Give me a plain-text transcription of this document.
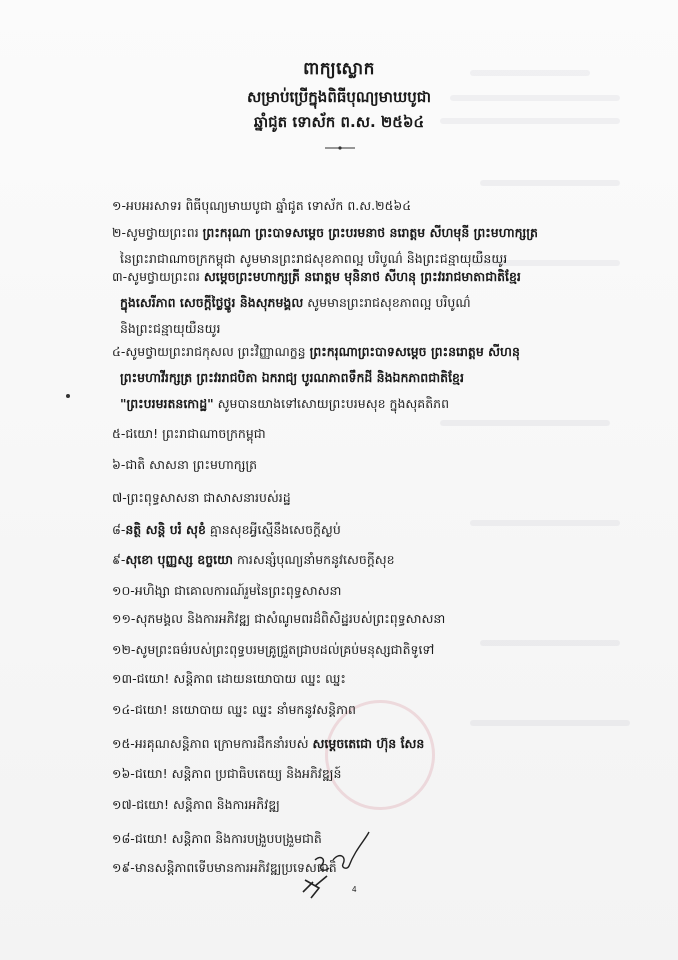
ពាក្យស្លោក
សម្រាប់ប្រើក្នុងពិធីបុណ្យមាឃបូជា
ឆ្នាំជូត ទោស័ក ព.ស. ២៥៦៤
១-អបអរសាទរ ពិធីបុណ្យមាឃបូជា ឆ្នាំជូត ទោស័ក ព.ស.២៥៦៤
២-សូមថ្វាយព្រះពរ ព្រះករុណា ព្រះបាទសម្តេច ព្រះបរមនាថ នរោត្តម សីហមុនី ព្រះមហាក្សត្រ
នៃព្រះរាជាណាចក្រកម្ពុជា សូមមានព្រះរាជសុខភាពល្អ បរិបូណ៌ និងព្រះជន្មាយុយឺនយូរ
៣-សូមថ្វាយព្រះពរ សម្តេចព្រះមហាក្សត្រី នរោត្តម មុនិនាថ សីហនុ ព្រះវររាជមាតាជាតិខ្មែរ
ក្នុងសេរីភាព សេចក្តីថ្លៃថ្នូរ និងសុភមង្គល សូមមានព្រះរាជសុខភាពល្អ បរិបូណ៌
និងព្រះជន្មាយុយឺនយូរ
៤-សូមថ្វាយព្រះរាជកុសល ព្រះវិញ្ញាណក្ខន្ធ ព្រះករុណាព្រះបាទសម្តេច ព្រះនរោត្តម សីហនុ
ព្រះមហាវីរក្សត្រ ព្រះវររាជបិតា ឯករាជ្យ បូរណភាពទឹកដី និងឯកភាពជាតិខ្មែរ
"ព្រះបរមរតនកោដ្ឋ" សូមបានយាងទៅសោយព្រះបរមសុខ ក្នុងសុគតិភព
៥-ជយោ! ព្រះរាជាណាចក្រកម្ពុជា
៦-ជាតិ សាសនា ព្រះមហាក្សត្រ
៧-ព្រះពុទ្ធសាសនា ជាសាសនារបស់រដ្ឋ
៨-នត្ថិ សន្តិ បរំ សុខំ គ្មានសុខអ្វីស្មើនឹងសេចក្តីស្ងប់
៩-សុខោ បុញ្ញស្ស ឧច្ចយោ ការសន្សំបុណ្យនាំមកនូវសេចក្តីសុខ
១០-អហិង្សា ជាគោលការណ៍រួមនៃព្រះពុទ្ធសាសនា
១១-សុភមង្គល និងការអភិវឌ្ឍ ជាសំណូមពរដ៏ពិសិដ្ឋរបស់ព្រះពុទ្ធសាសនា
១២-សូមព្រះធម៌របស់ព្រះពុទ្ធបរមគ្រូជ្រួតជ្រាបដល់គ្រប់មនុស្សជាតិទូទៅ
១៣-ជយោ! សន្តិភាព ដោយនយោបាយ ឈ្នះ ឈ្នះ
១៤-ជយោ! នយោបាយ ឈ្នះ ឈ្នះ នាំមកនូវសន្តិភាព
១៥-អរគុណសន្តិភាព ក្រោមការដឹកនាំរបស់ សម្តេចតេជោ ហ៊ុន សែន
១៦-ជយោ! សន្តិភាព ប្រជាធិបតេយ្យ និងអភិវឌ្ឍន៍
១៧-ជយោ! សន្តិភាព និងការអភិវឌ្ឍ
១៨-ជយោ! សន្តិភាព និងការបង្រួបបង្រួមជាតិ
១៩-មានសន្តិភាពទើបមានការអភិវឌ្ឍប្រទេសជាតិ
4
